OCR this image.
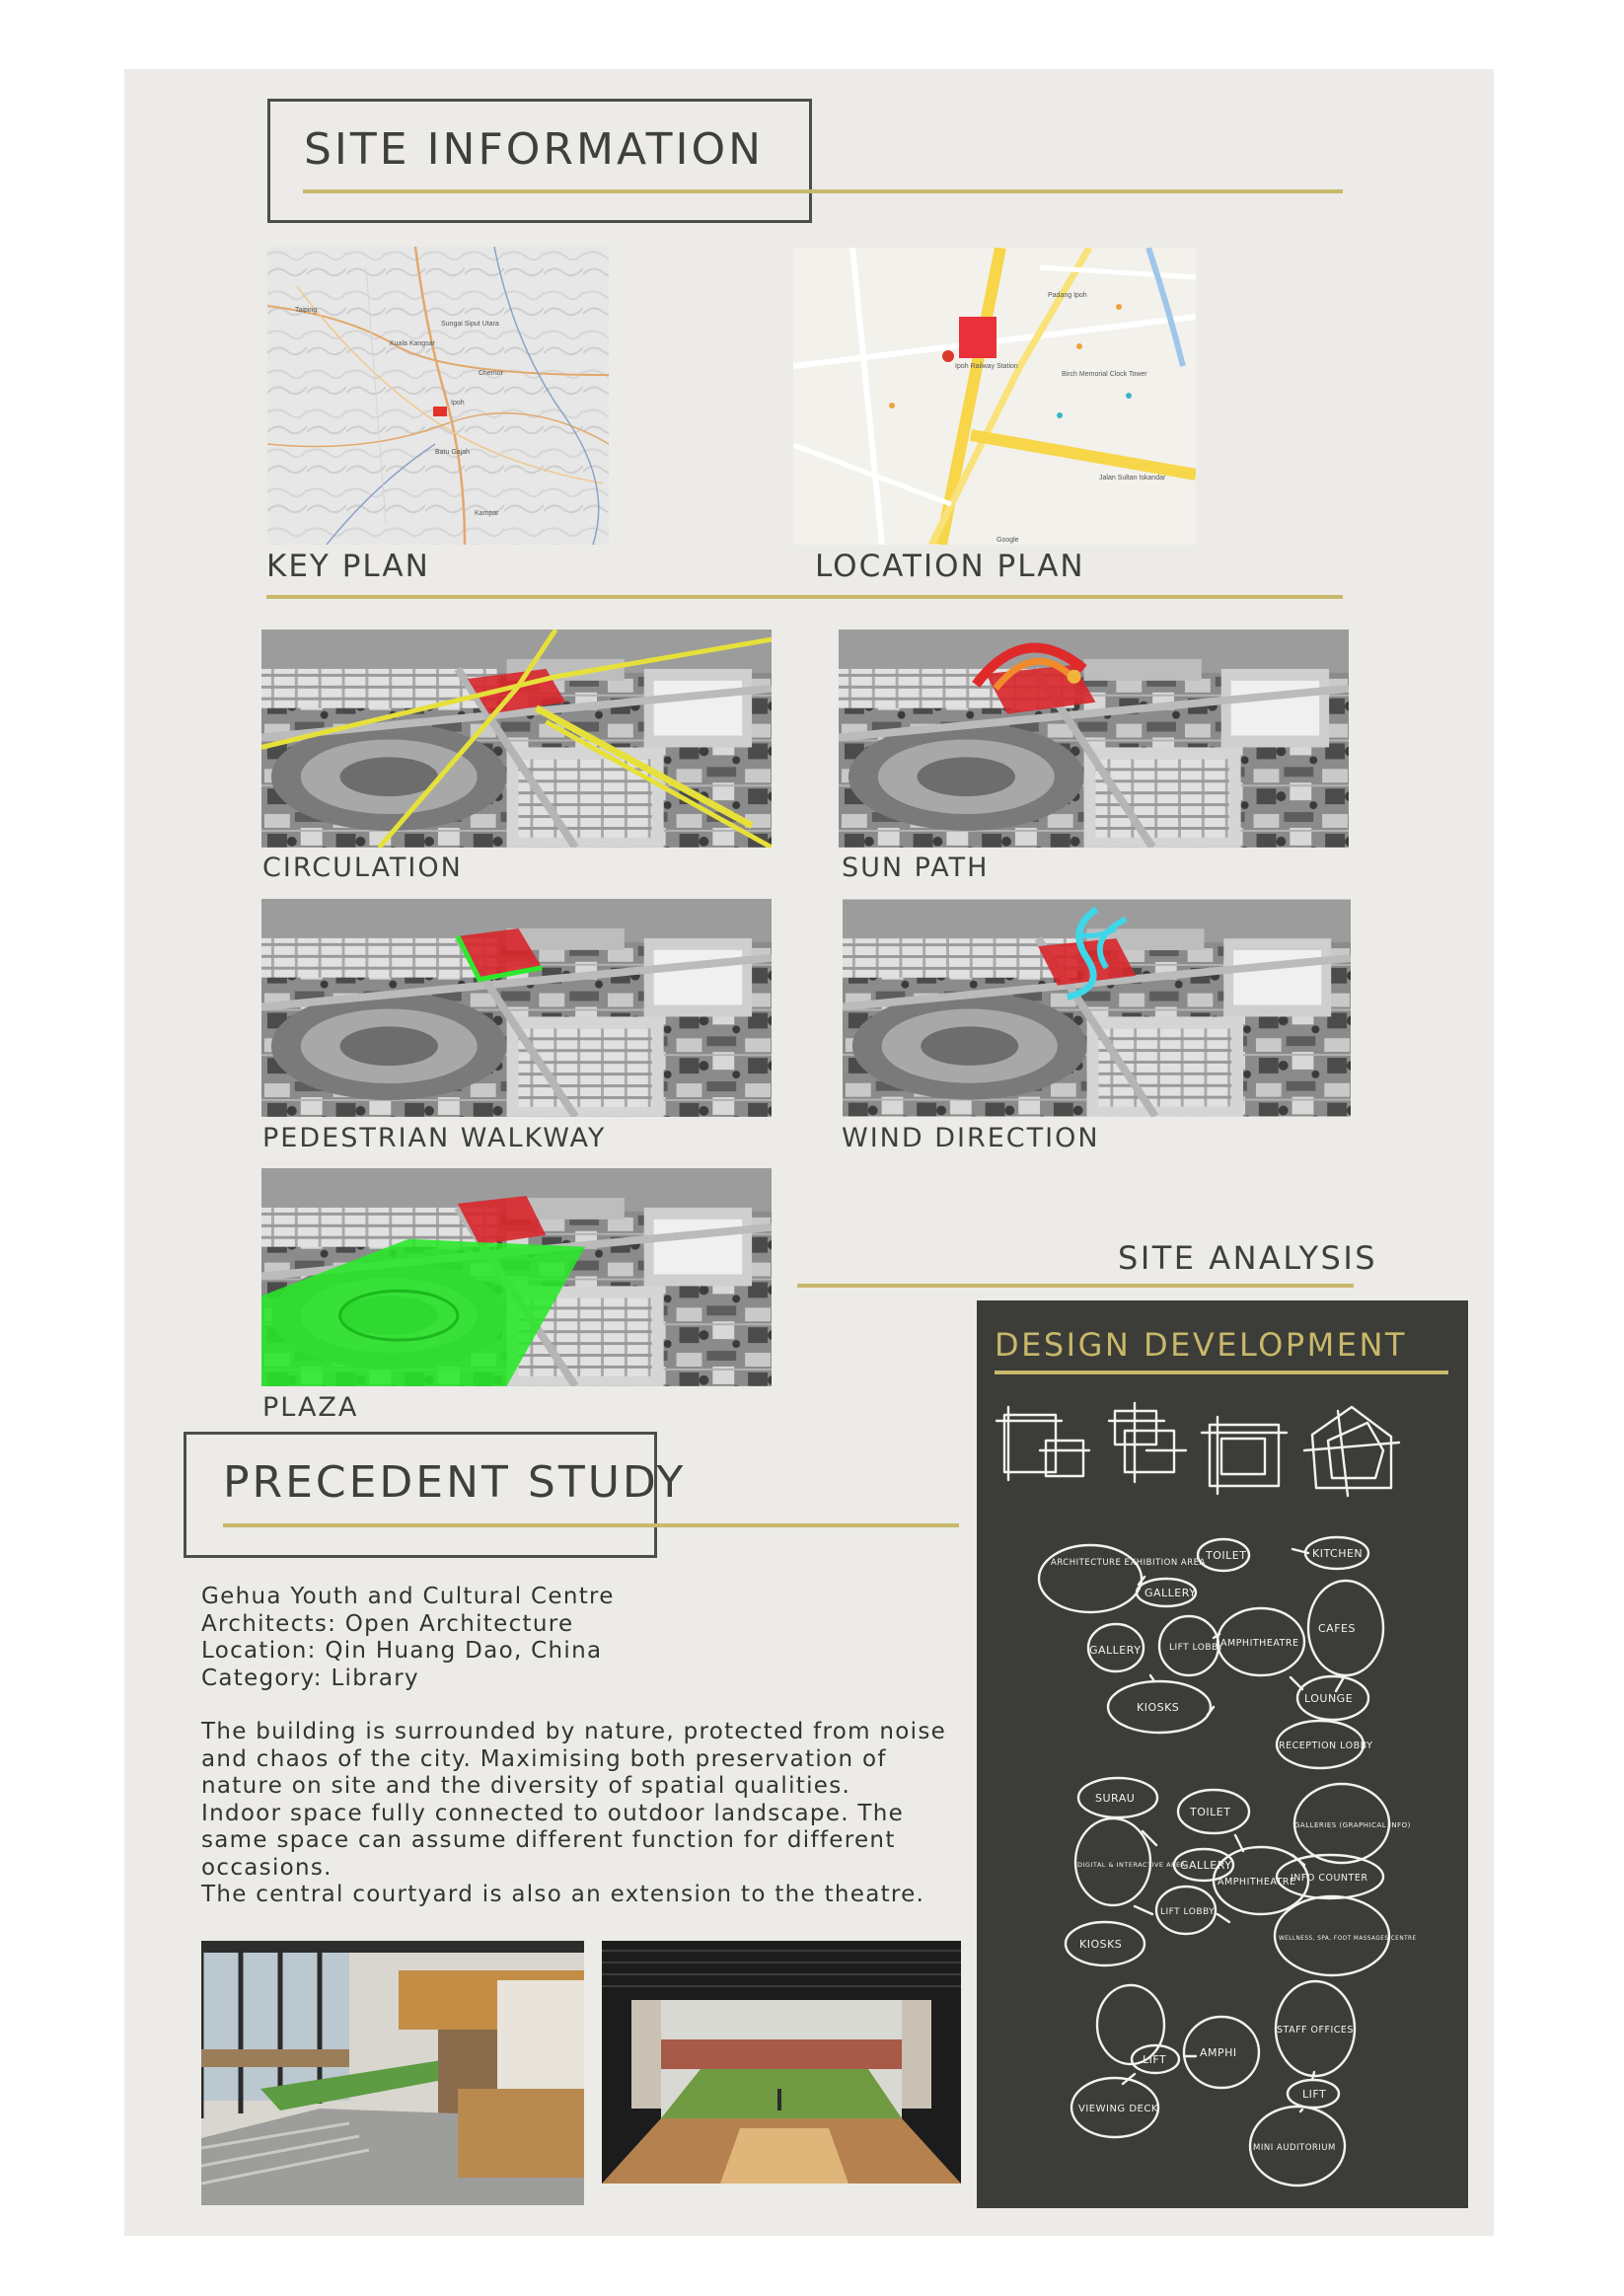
SITE INFORMATION
Taiping
Kuala Kangsar
Sungai Siput Utara
Ipoh
Batu Gajah
Kampar
Chemor
KEY PLAN
Ipoh Railway Station
Padang Ipoh
Birch Memorial Clock Tower
Jalan Sultan Iskandar
Google
LOCATION PLAN
CIRCULATION	SUN PATH
PEDESTRIAN WALKWAY	WIND DIRECTION
PLAZA
SITE ANALYSIS
PRECEDENT STUDY

Gehua Youth and Cultural Centre

Architects: Open Architecture

Location: Qin Huang Dao, China

Category: Library

The building is surrounded by nature, protected from noise

and chaos of the city. Maximising both preservation of

nature on site and the diversity of spatial qualities.

Indoor space fully connected to outdoor landscape. The

same space can assume different function for different

occasions.

The central courtyard is also an extension to the theatre.

DESIGN DEVELOPMENT
ARCHITECTURE EXHIBITION AREA
TOILET	KITCHEN
GALLERY
CAFES
GALLERY
LIFT LOBBY
AMPHITHEATRE
LOUNGE
KIOSKS
RECEPTION LOBBY
SURAU
TOILET
GALLERIES (GRAPHICAL INFO)
DIGITAL & INTERACTIVE AREA
GALLERY
INFO COUNTER
AMPHITHEATRE
LIFT LOBBY
WELLNESS, SPA, FOOT MASSAGES CENTRE
KIOSKS
STAFF OFFICES
LIFT
AMPHI
LIFT
VIEWING DECK
MINI AUDITORIUM
